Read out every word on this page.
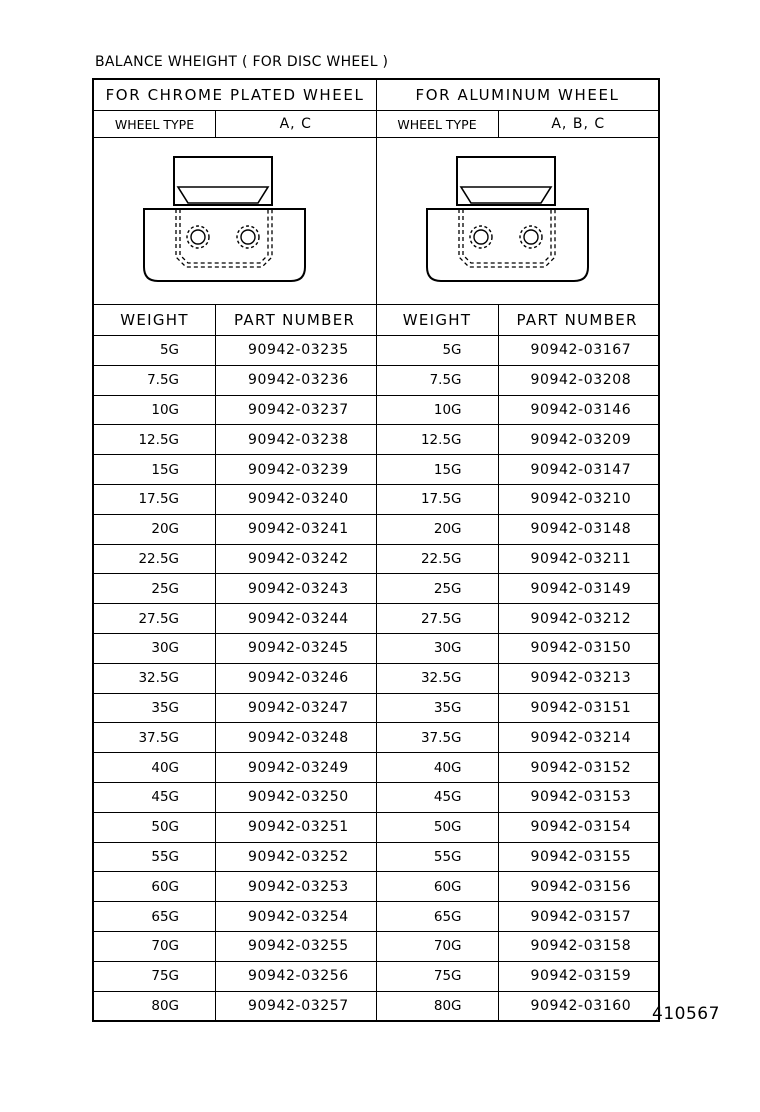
BALANCE WHEIGHT ( FOR DISC WHEEL )
FOR CHROME PLATED WHEEL	FOR ALUMINUM WHEEL
WHEEL TYPE	A, C	WHEEL TYPE	A, B, C
WEIGHT	PART NUMBER	WEIGHT	PART NUMBER
5G	90942-03235	5G	90942-03167
7.5G	90942-03236	7.5G	90942-03208
10G	90942-03237	10G	90942-03146
12.5G	90942-03238	12.5G	90942-03209
15G	90942-03239	15G	90942-03147
17.5G	90942-03240	17.5G	90942-03210
20G	90942-03241	20G	90942-03148
22.5G	90942-03242	22.5G	90942-03211
25G	90942-03243	25G	90942-03149
27.5G	90942-03244	27.5G	90942-03212
30G	90942-03245	30G	90942-03150
32.5G	90942-03246	32.5G	90942-03213
35G	90942-03247	35G	90942-03151
37.5G	90942-03248	37.5G	90942-03214
40G	90942-03249	40G	90942-03152
45G	90942-03250	45G	90942-03153
50G	90942-03251	50G	90942-03154
55G	90942-03252	55G	90942-03155
60G	90942-03253	60G	90942-03156
65G	90942-03254	65G	90942-03157
70G	90942-03255	70G	90942-03158
75G	90942-03256	75G	90942-03159
80G	90942-03257	80G	90942-03160	410567
